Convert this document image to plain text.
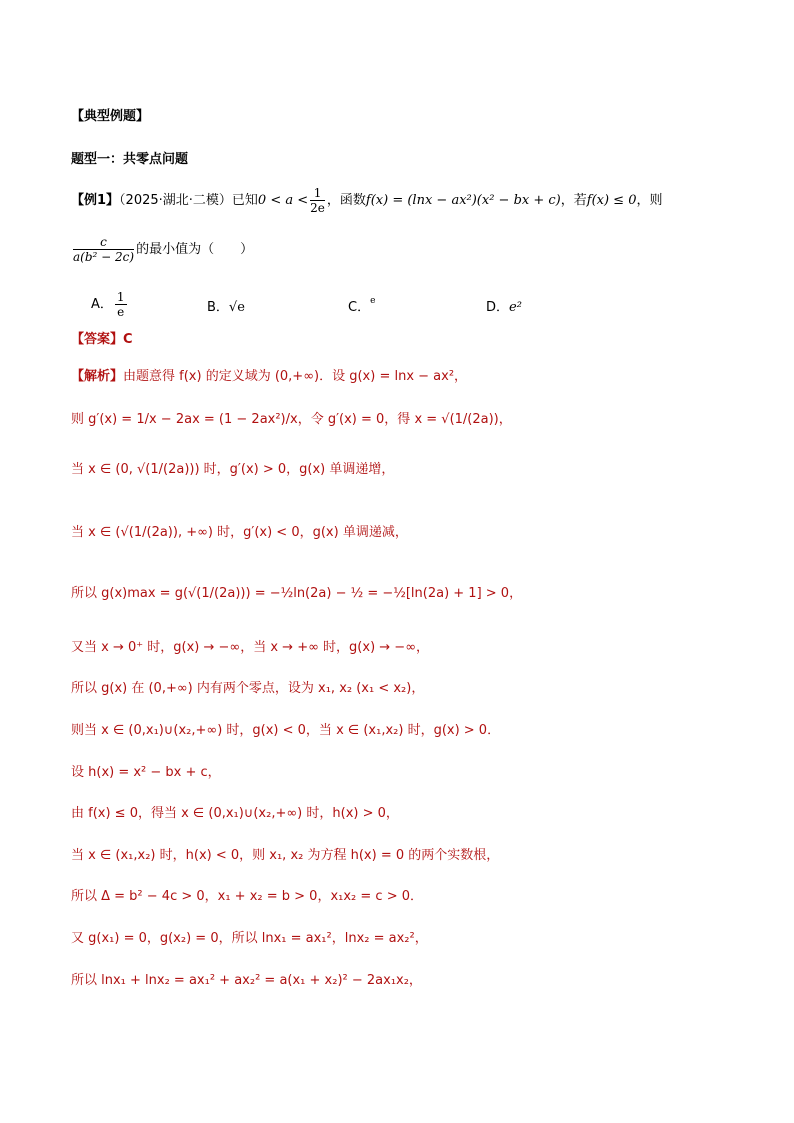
【典型例题】
题型一：共零点问题
【例1】（2025·湖北·二模）已知$0 < a < \frac{1}{2e}$ ，函数f(x) = (lnx − ax²)(x² − bx + c)，若f(x) ≤ 0，则
$\frac{c}{\text{a(b² − 2c)}}$ 的最小值为（　　）
A． $\frac{1}{e}$	B．√e	C．$^e$	D．e²
【答案】C
【解析】由题意得 f(x) 的定义域为 (0,+∞)．设 g(x) = lnx − ax²，
则 g′(x) = 1/x − 2ax = (1 − 2ax²)/x，令 g′(x) = 0，得 x = √(1/(2a))，
当 x ∈ (0, √(1/(2a))) 时，g′(x) > 0，g(x) 单调递增，
当 x ∈ (√(1/(2a)), +∞) 时，g′(x) < 0，g(x) 单调递减，
所以 g(x)max = g(√(1/(2a))) = −½ln(2a) − ½ = −½[ln(2a) + 1] > 0，
又当 x → 0⁺ 时，g(x) → −∞，当 x → +∞ 时，g(x) → −∞，
所以 g(x) 在 (0,+∞) 内有两个零点，设为 x₁, x₂ (x₁ < x₂)，
则当 x ∈ (0,x₁)∪(x₂,+∞) 时，g(x) < 0，当 x ∈ (x₁,x₂) 时，g(x) > 0．
设 h(x) = x² − bx + c，
由 f(x) ≤ 0，得当 x ∈ (0,x₁)∪(x₂,+∞) 时，h(x) > 0，
当 x ∈ (x₁,x₂) 时，h(x) < 0，则 x₁, x₂ 为方程 h(x) = 0 的两个实数根，
所以 Δ = b² − 4c > 0，x₁ + x₂ = b > 0，x₁x₂ = c > 0．
又 g(x₁) = 0，g(x₂) = 0，所以 lnx₁ = ax₁²，lnx₂ = ax₂²，
所以 lnx₁ + lnx₂ = ax₁² + ax₂² = a(x₁ + x₂)² − 2ax₁x₂，
